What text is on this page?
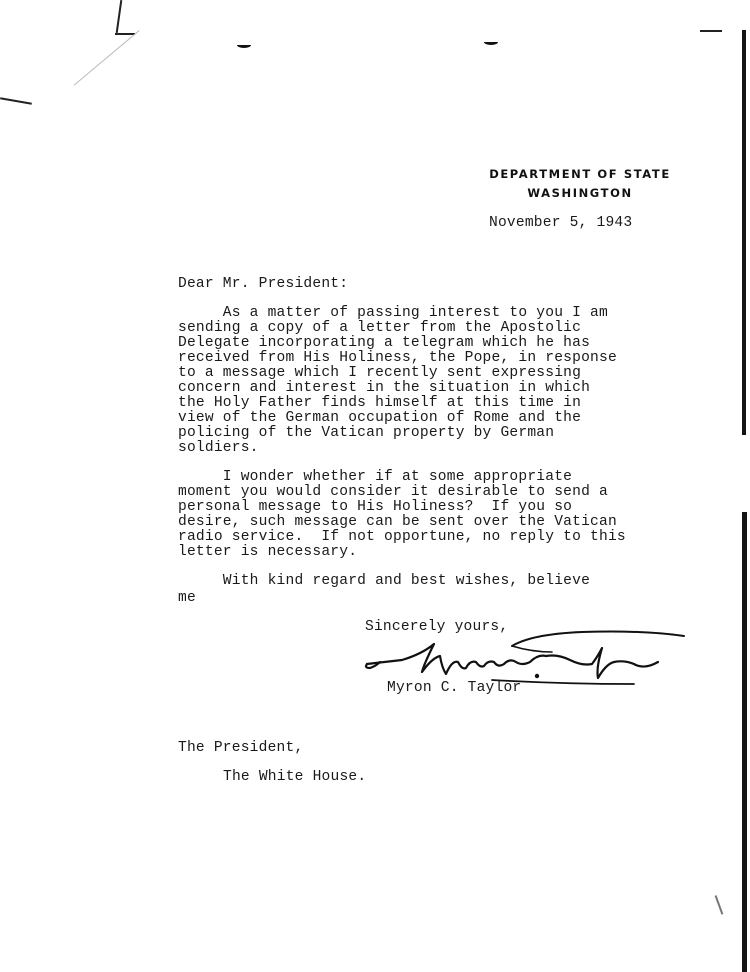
DEPARTMENT OF STATE
WASHINGTON
November 5, 1943
Dear Mr. President:
As a matter of passing interest to you I am
sending a copy of a letter from the Apostolic
Delegate incorporating a telegram which he has
received from His Holiness, the Pope, in response
to a message which I recently sent expressing
concern and interest in the situation in which
the Holy Father finds himself at this time in
view of the German occupation of Rome and the
policing of the Vatican property by German
soldiers.
I wonder whether if at some appropriate
moment you would consider it desirable to send a
personal message to His Holiness?  If you so
desire, such message can be sent over the Vatican
radio service.  If not opportune, no reply to this
letter is necessary.
With kind regard and best wishes, believe
me
Sincerely yours,
Myron C. Taylor
The President,
The White House.
